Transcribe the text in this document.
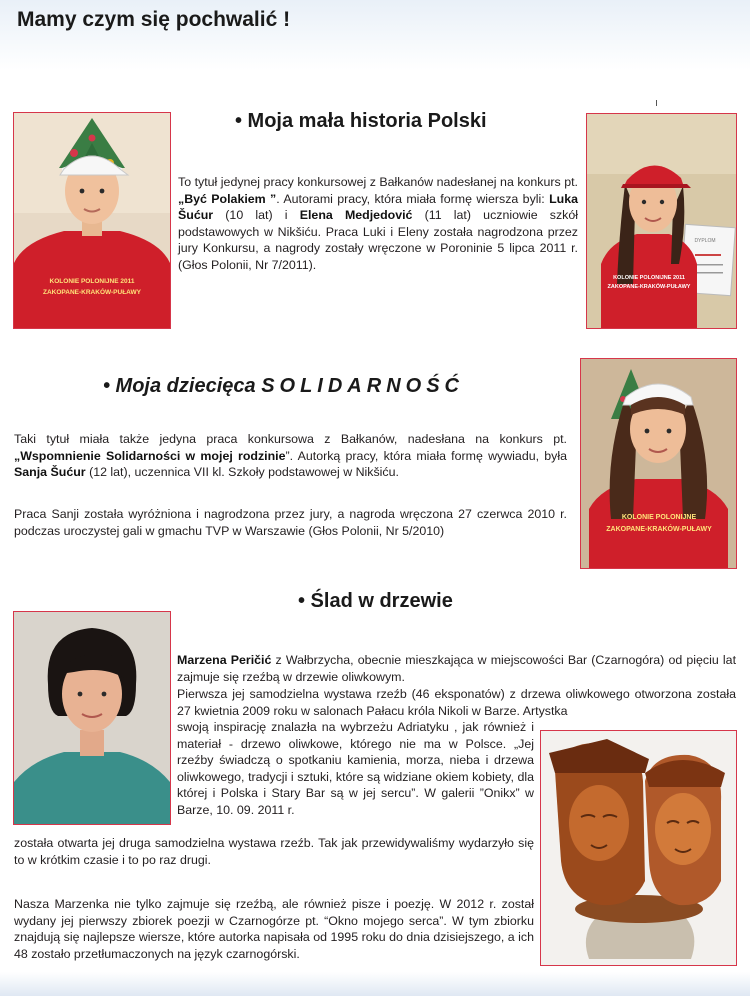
Mamy czym się pochwalić !
KOLONIE POLONIJNE 2011
ZAKOPANE-KRAKÓW-PUŁAWY
• Moja mała historia Polski

To tytuł jedynej pracy konkursowej z Bałkanów nadesłanej na konkurs pt. „Być Polakiem ”. Autorami pracy, która miała formę wiersza byli: Luka Šućur (10 lat) i Elena Medjedović (11 lat) uczniowie szkół podstawowych w Nikšiću. Praca Luki i Eleny została nagrodzona przez jury Konkursu, a nagrody zostały wręczone w Poroninie 5 lipca 2011 r. (Głos Polonii, Nr 7/2011).

DYPLOM
KOLONIE POLONIJNE 2011
ZAKOPANE-KRAKÓW-PUŁAWY
• Moja dziecięca SOLIDARNOŚĆ

Taki tytuł miała także jedyna praca konkursowa z Bałkanów, nadesłana na konkurs pt. „Wspomnienie Solidarności w mojej rodzinie”. Autorką pracy, która miała formę wywiadu, była Sanja Šućur (12 lat), uczennica VII kl. Szkoły podstawowej w Nikšiću.

Praca Sanji została wyróżniona i nagrodzona przez jury, a nagroda wręczona 27 czerwca 2010 r. podczas uroczystej gali w gmachu TVP w Warszawie (Głos Polonii, Nr 5/2010)

KOLONIE POLONIJNE
ZAKOPANE-KRAKÓW-PUŁAWY
• Ślad w drzewie

Marzena Peričić z Wałbrzycha, obecnie mieszkająca w miejscowości Bar (Czarnogóra) od pięciu lat zajmuje się rzeźbą w drzewie oliwkowym.

Pierwsza jej samodzielna wystawa rzeźb (46 eksponatów) z drzewa oliwkowego otworzona została 27 kwietnia 2009 roku w salonach Pałacu króla Nikoli w Barze. Artystka

swoją inspirację znalazła na wybrzeżu Adriatyku , jak również i materiał - drzewo oliwkowe, którego nie ma w Polsce. „Jej rzeźby świadczą o spotkaniu kamienia, morza, nieba i drzewa oliwkowego, tradycji i sztuki, które są widziane okiem kobiety, dla której i Polska i Stary Bar są w jej sercu”. W galerii ”Onikx” w Barze, 10. 09. 2011 r.

została otwarta jej druga samodzielna wystawa rzeźb. Tak jak przewidywaliśmy wydarzyło się to w krótkim czasie i to po raz drugi.

Nasza Marzenka nie tylko zajmuje się rzeźbą, ale również pisze i poezję. W 2012 r. został wydany jej pierwszy zbiorek poezji w Czarnogórze pt. “Okno mojego serca”. W tym zbiorku znajdują się najlepsze wiersze, które autorka napisała od 1995 roku do dnia dzisiejszego, a ich 48 zostało przetłumaczonych na język czarnogórski.
